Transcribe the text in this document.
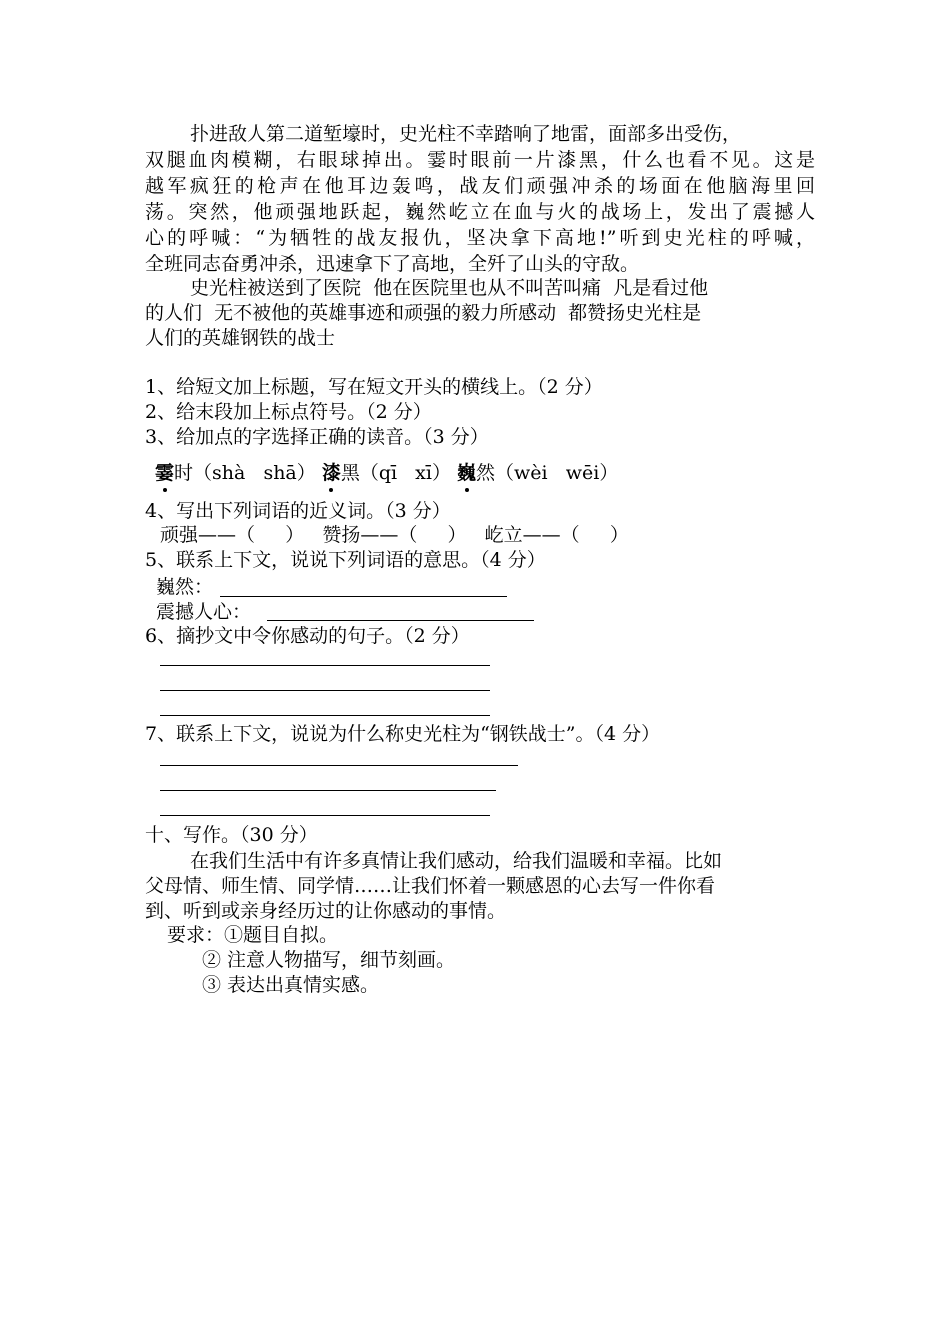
扑进敌人第二道堑壕时，史光柱不幸踏响了地雷，面部多出受伤，
双腿血肉模糊，右眼球掉出。霎时眼前一片漆黑，什么也看不见。这是
越军疯狂的枪声在他耳边轰鸣，战友们顽强冲杀的场面在他脑海里回
荡。突然，他顽强地跃起，巍然屹立在血与火的战场上，发出了震撼人
心的呼喊：“为牺牲的战友报仇，坚决拿下高地!”听到史光柱的呼喊，
全班同志奋勇冲杀，迅速拿下了高地，全歼了山头的守敌。
史光柱被送到了医院  他在医院里也从不叫苦叫痛  凡是看过他
的人们  无不被他的英雄事迹和顽强的毅力所感动  都赞扬史光柱是
人们的英雄钢铁的战士
1、给短文加上标题，写在短文开头的横线上。（2 分）
2、给末段加上标点符号。（2 分）
3、给加点的字选择正确的读音。（3 分）
霎时（shà   shā） 漆黑（qī   xī） 巍然（wèi   wēi）
4、写出下列词语的近义词。（3 分）
顽强——（     ）   赞扬——（     ）   屹立——（     ）
5、联系上下文，说说下列词语的意思。（4 分）
巍然：
震撼人心：
6、摘抄文中令你感动的句子。（2 分）
7、联系上下文，说说为什么称史光柱为“钢铁战士”。（4 分）
十、写作。（30 分）
在我们生活中有许多真情让我们感动，给我们温暖和幸福。比如
父母情、师生情、同学情……让我们怀着一颗感恩的心去写一件你看
到、听到或亲身经历过的让你感动的事情。
要求：①题目自拟。
② 注意人物描写，细节刻画。
③ 表达出真情实感。
